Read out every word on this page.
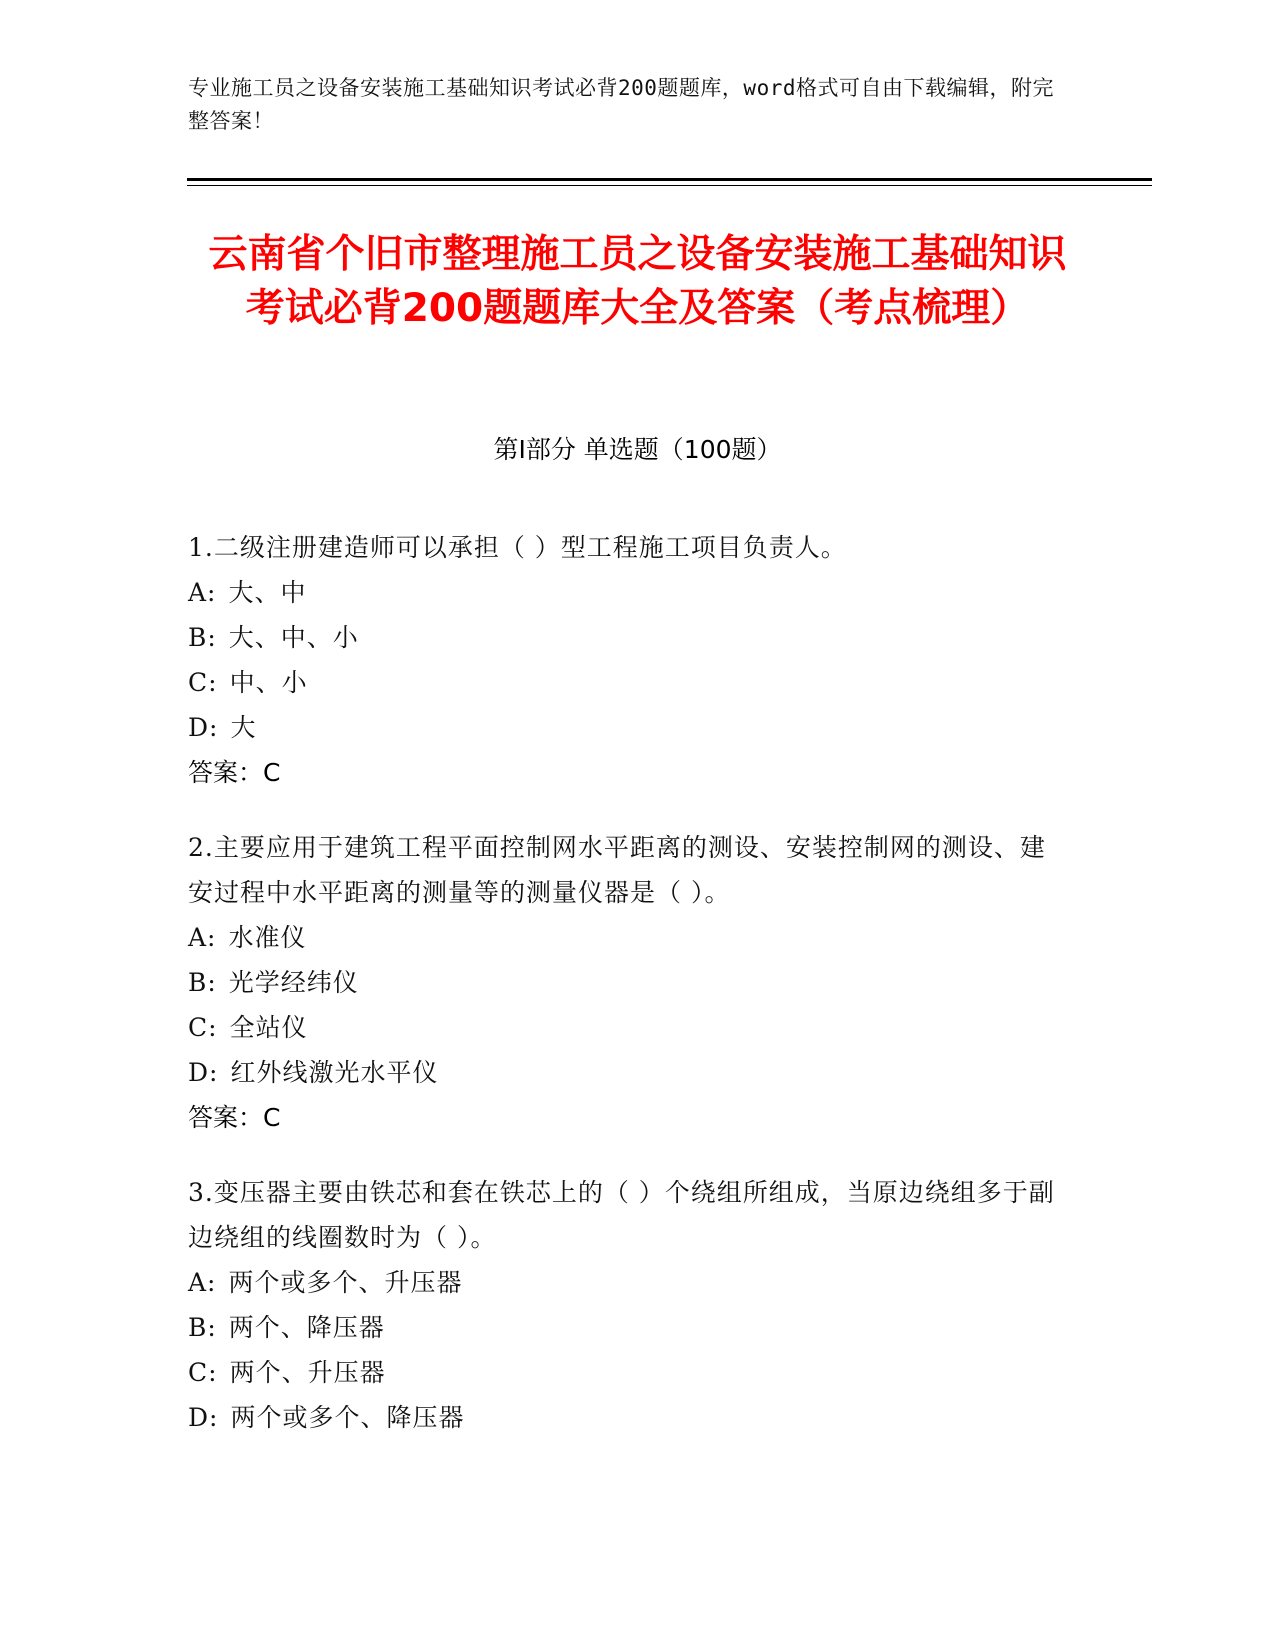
专业施工员之设备安装施工基础知识考试必背200题题库，word格式可自由下载编辑，附完整答案！
云南省个旧市整理施工员之设备安装施工基础知识考试必背200题题库大全及答案（考点梳理）
第I部分 单选题（100题）
1.二级注册建造师可以承担（ ）型工程施工项目负责人。
A: 大、中
B: 大、中、小
C: 中、小
D: 大
答案：C
2.主要应用于建筑工程平面控制网水平距离的测设、安装控制网的测设、建安过程中水平距离的测量等的测量仪器是（ ）。
A: 水准仪
B: 光学经纬仪
C: 全站仪
D: 红外线激光水平仪
答案：C
3.变压器主要由铁芯和套在铁芯上的（ ）个绕组所组成，当原边绕组多于副边绕组的线圈数时为（ ）。
A: 两个或多个、升压器
B: 两个、降压器
C: 两个、升压器
D: 两个或多个、降压器
